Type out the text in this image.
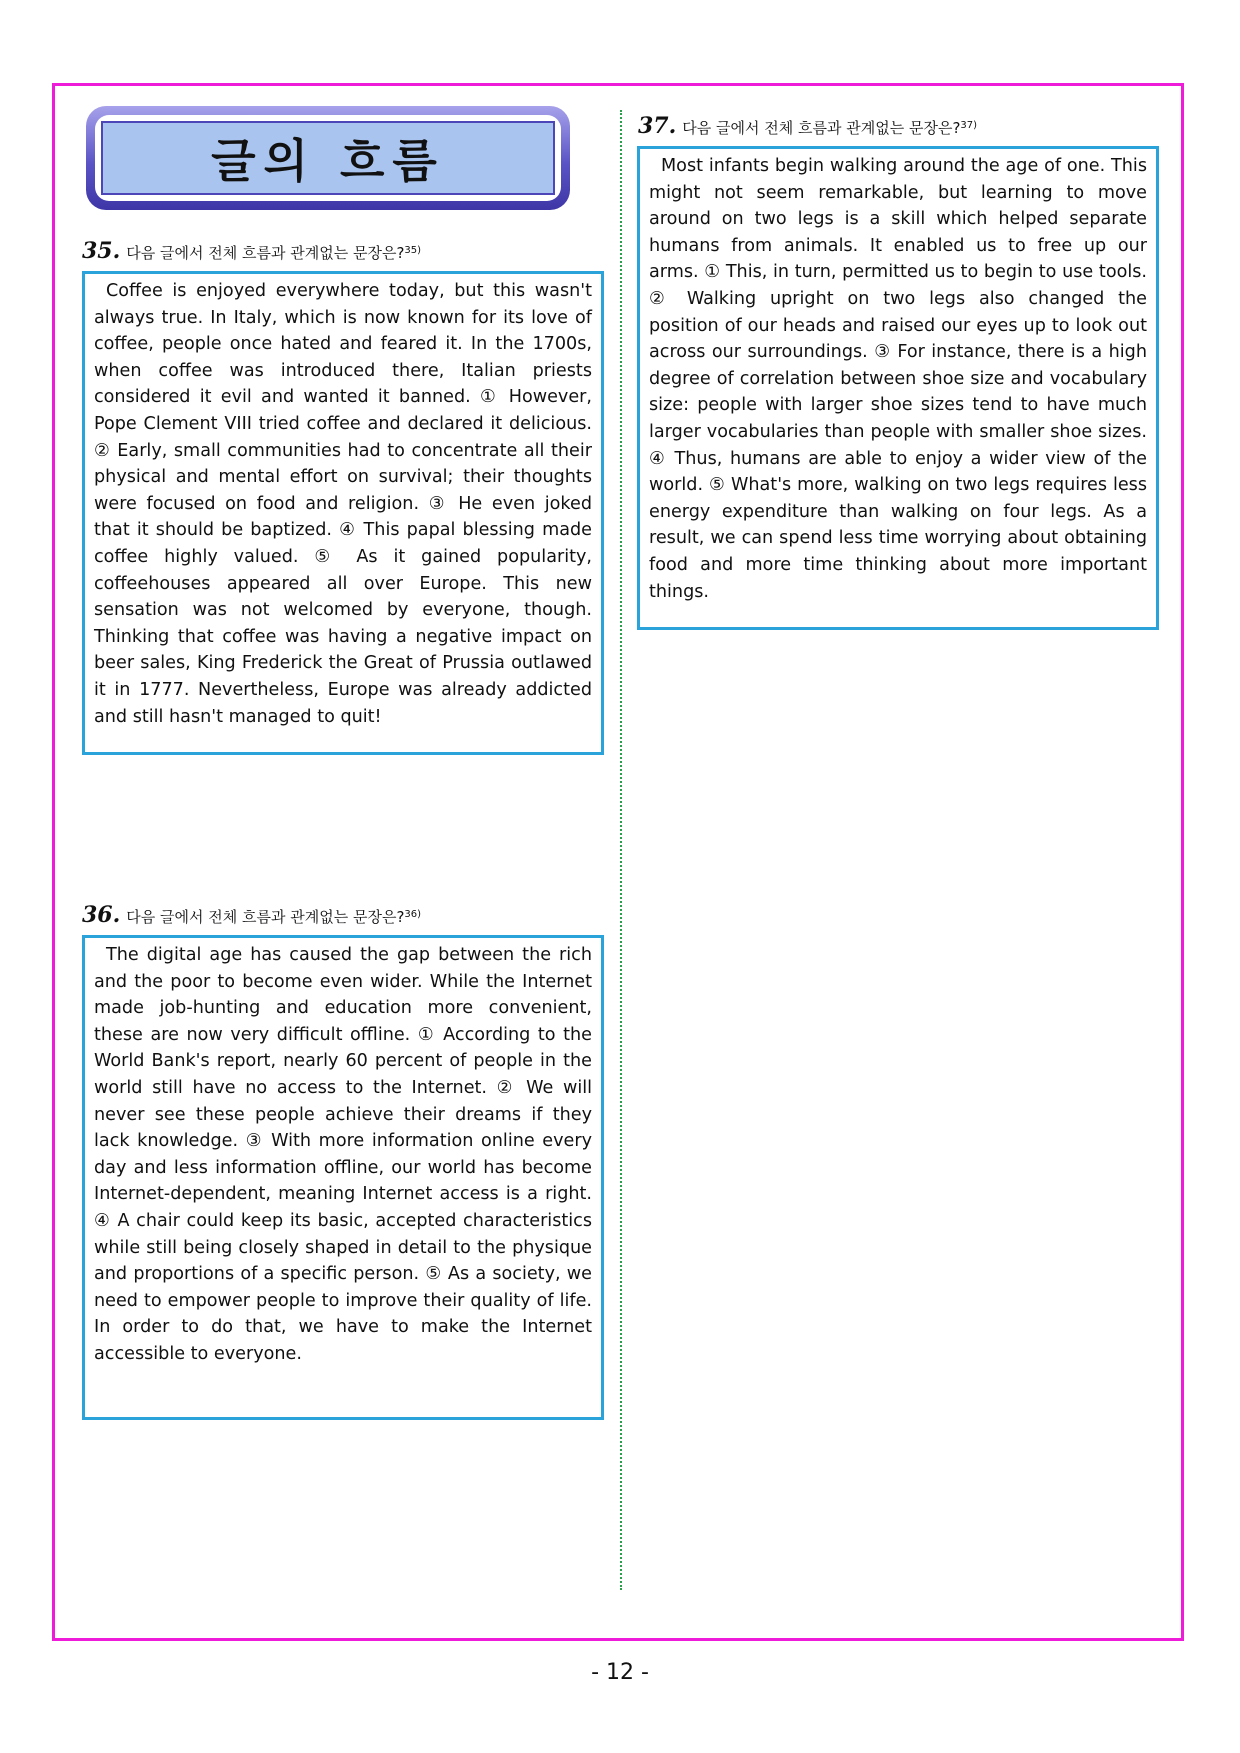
글의 흐름
35. 다음 글에서 전체 흐름과 관계없는 문장은? 35)

Coffee is enjoyed everywhere today, but this wasn't always true. In Italy, which is now known for its love of coffee, people once hated and feared it. In the 1700s, when coffee was introduced there, Italian priests considered it evil and wanted it banned. ① However, Pope Clement VIII tried coffee and declared it delicious. ② Early, small communities had to concentrate all their physical and mental effort on survival; their thoughts were focused on food and religion. ③ He even joked that it should be baptized. ④ This papal blessing made coffee highly valued. ⑤ As it gained popularity, coffeehouses appeared all over Europe. This new sensation was not welcomed by everyone, though. Thinking that coffee was having a negative impact on beer sales, King Frederick the Great of Prussia outlawed it in 1777. Nevertheless, Europe was already addicted and still hasn't managed to quit!

36. 다음 글에서 전체 흐름과 관계없는 문장은? 36)

The digital age has caused the gap between the rich and the poor to become even wider. While the Internet made job-hunting and education more convenient, these are now very difficult offline. ① According to the World Bank's report, nearly 60 percent of people in the world still have no access to the Internet. ② We will never see these people achieve their dreams if they lack knowledge. ③ With more information online every day and less information offline, our world has become Internet-dependent, meaning Internet access is a right. ④ A chair could keep its basic, accepted characteristics while still being closely shaped in detail to the physique and proportions of a specific person. ⑤ As a society, we need to empower people to improve their quality of life. In order to do that, we have to make the Internet accessible to everyone.

37. 다음 글에서 전체 흐름과 관계없는 문장은? 37)

Most infants begin walking around the age of one. This might not seem remarkable, but learning to move around on two legs is a skill which helped separate humans from animals. It enabled us to free up our arms. ① This, in turn, permitted us to begin to use tools. ② Walking upright on two legs also changed the position of our heads and raised our eyes up to look out across our surroundings. ③ For instance, there is a high degree of correlation between shoe size and vocabulary size: people with larger shoe sizes tend to have much larger vocabularies than people with smaller shoe sizes. ④ Thus, humans are able to enjoy a wider view of the world. ⑤ What's more, walking on two legs requires less energy expenditure than walking on four legs. As a result, we can spend less time worrying about obtaining food and more time thinking about more important things.

- 12 -
